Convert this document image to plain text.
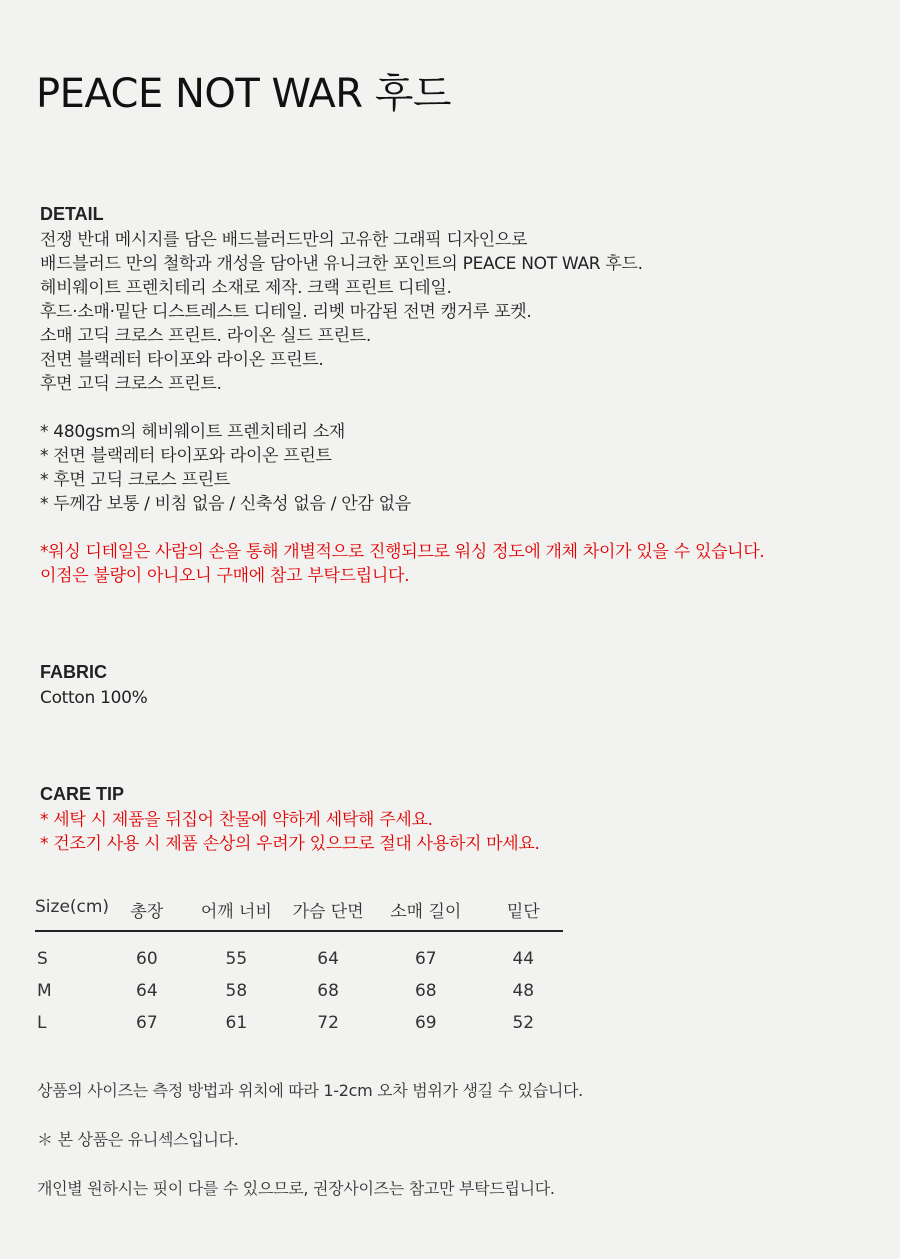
PEACE NOT WAR 후드
DETAIL
전쟁 반대 메시지를 담은 배드블러드만의 고유한 그래픽 디자인으로
배드블러드 만의 철학과 개성을 담아낸 유니크한 포인트의 PEACE NOT WAR 후드.
헤비웨이트 프렌치테리 소재로 제작. 크랙 프린트 디테일.
후드·소매·밑단 디스트레스트 디테일. 리벳 마감된 전면 캥거루 포켓.
소매 고딕 크로스 프린트. 라이온 실드 프린트.
전면 블랙레터 타이포와 라이온 프린트.
후면 고딕 크로스 프린트.
* 480gsm의 헤비웨이트 프렌치테리 소재
* 전면 블랙레터 타이포와 라이온 프린트
* 후면 고딕 크로스 프린트
* 두께감 보통 / 비침 없음 / 신축성 없음 / 안감 없음
*워싱 디테일은 사람의 손을 통해 개별적으로 진행되므로 워싱 정도에 개체 차이가 있을 수 있습니다.
이점은 불량이 아니오니 구매에 참고 부탁드립니다.
FABRIC
Cotton 100%
CARE TIP
* 세탁 시 제품을 뒤집어 찬물에 약하게 세탁해 주세요.
* 건조기 사용 시 제품 손상의 우려가 있으므로 절대 사용하지 마세요.
Size(cm)	총장	어깨 너비	가슴 단면	소매 길이	밑단
S	60	55	64	67	44
M	64	58	68	68	48
L	67	61	72	69	52

상품의 사이즈는 측정 방법과 위치에 따라 1-2cm 오차 범위가 생길 수 있습니다.

＊ 본 상품은 유니섹스입니다.

개인별 원하시는 핏이 다를 수 있으므로, 권장사이즈는 참고만 부탁드립니다.
